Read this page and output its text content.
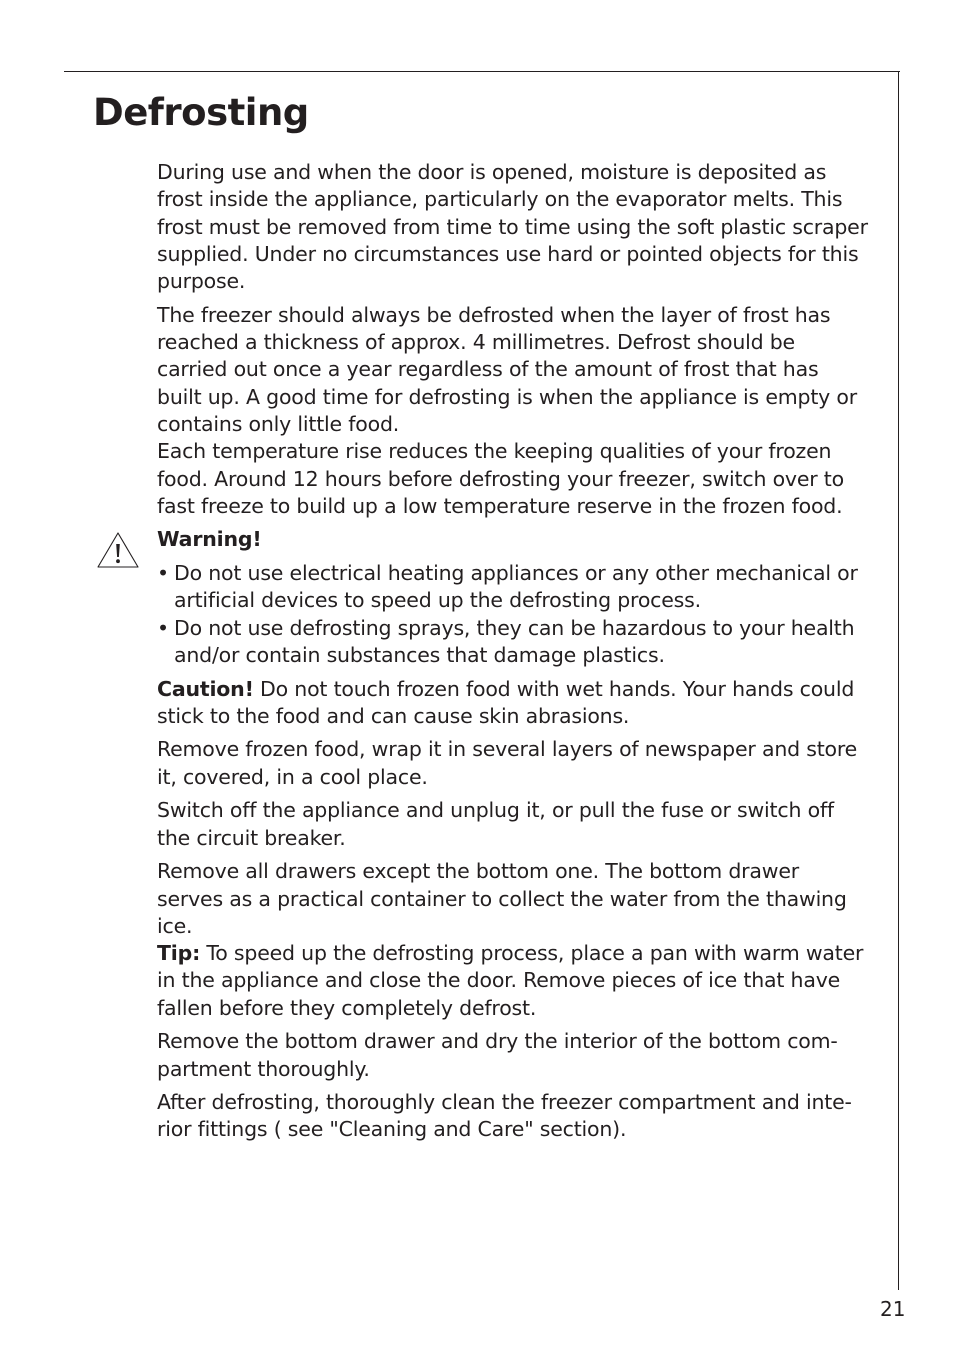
Defrosting

During use and when the door is opened, moisture is deposited as frost inside the appliance, particularly on the evaporator melts. This frost must be removed from time to time using the soft plastic scraper supplied. Under no circumstances use hard or pointed objects for this purpose.

The freezer should always be defrosted when the layer of frost has reached a thickness of approx. 4 millimetres. Defrost should be carried out once a year regardless of the amount of frost that has built up. A good time for defrosting is when the appliance is empty or contains only little food.

Each temperature rise reduces the keeping qualities of your frozen food. Around 12 hours before defrosting your freezer, switch over to fast freeze to build up a low temperature reserve in the frozen food.

Warning!
• Do not use electrical heating appliances or any other mechanical or artificial devices to speed up the defrosting process.
• Do not use defrosting sprays, they can be hazardous to your health and/or contain substances that damage plastics.

Caution! Do not touch frozen food with wet hands. Your hands could stick to the food and can cause skin abrasions.

Remove frozen food, wrap it in several layers of newspaper and store it, covered, in a cool place.

Switch off the appliance and unplug it, or pull the fuse or switch off the circuit breaker.

Remove all drawers except the bottom one. The bottom drawer serves as a practical container to collect the water from the thawing ice.

Tip: To speed up the defrosting process, place a pan with warm water in the appliance and close the door. Remove pieces of ice that have fallen before they completely defrost.

Remove the bottom drawer and dry the interior of the bottom com-partment thoroughly.

After defrosting, thoroughly clean the freezer compartment and inte-rior fittings ( see "Cleaning and Care" section).

21
